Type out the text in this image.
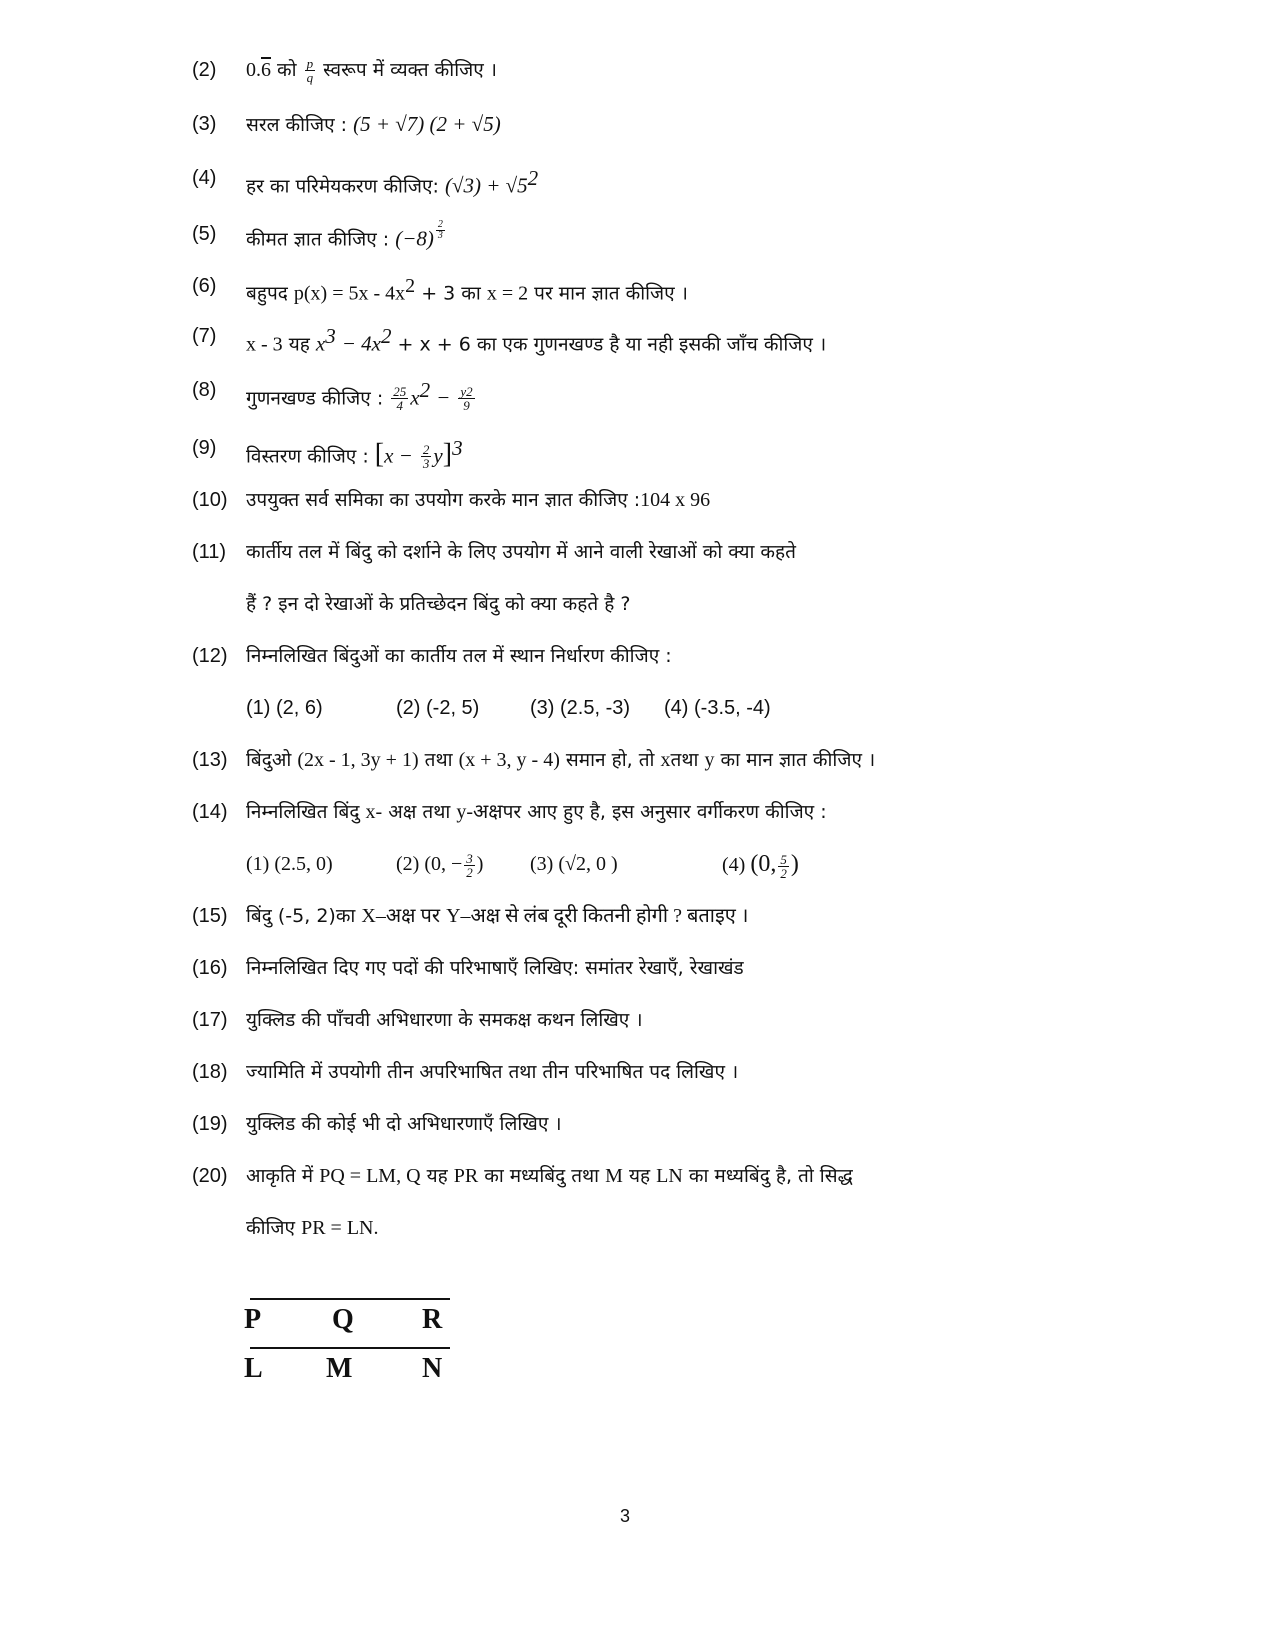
(2)	0.6 को $\frac{p}{q}$ स्वरूप में व्यक्त कीजिए ।
(3)	सरल कीजिए : (5 + √7) (2 + √5)
(4)	हर का परिमेयकरण कीजिए: $(√3) + √5^2$
(5)	कीमत ज्ञात कीजिए : $(-8) \frac{2}{3}$
(6)	बहुपद $p(x) = 5x - 4x^2 + 3$ का x = 2 पर मान ज्ञात कीजिए ।
(7)	x - 3 यह $x^3 - 4x^2 + x + 6$ का एक गुणनखण्ड है या नही इसकी जाँच कीजिए ।
(8)	गुणनखण्ड कीजिए : $\frac{25}{4} x^2 - \frac{y2}{9}$
(9)	विस्तरण कीजिए : $[x - \frac{2}{3} y]^3$
(10) उपयुक्त सर्व समिका का उपयोग करके मान ज्ञात कीजिए :104 x 96
(11)	कार्तीय तल में बिंदु को दर्शाने के लिए उपयोग में आने वाली रेखाओं को क्या कहते
हैं ? इन दो रेखाओं के प्रतिच्छेदन बिंदु को क्या कहते है ?
(12) निम्नलिखित बिंदुओं का कार्तीय तल में स्थान निर्धारण कीजिए :
(1) (2, 6)	(2) (-2, 5)	(3) (2.5, -3) (4) (-3.5, -4)
(13) बिंदुओ (2x - 1, 3y + 1) तथा (x + 3, y - 4) समान हो, तो xतथा y का मान ज्ञात कीजिए ।
(14) निम्नलिखित बिंदु x- अक्ष तथा y-अक्षपर आए हुए है, इस अनुसार वर्गीकरण कीजिए :
(1) (2.5, 0)	(2) (0, − $\frac{3}{2}$ ) (3) (√2, 0 )	(4) (0, $\frac{5}{2}$ )
(15) बिंदु (-5, 2)का X–अक्ष पर Y–अक्ष से लंब दूरी कितनी होगी ? बताइए ।
(16) निम्नलिखित दिए गए पदों की परिभाषाएँ लिखिए: समांतर रेखाएँ, रेखाखंड
(17) युक्लिड की पाँचवी अभिधारणा के समकक्ष कथन लिखिए ।
(18) ज्यामिति में उपयोगी तीन अपरिभाषित तथा तीन परिभाषित पद लिखिए ।
(19) युक्लिड की कोई भी दो अभिधारणाएँ लिखिए ।
(20) आकृति में PQ = LM, Q यह PR का मध्यबिंदु तथा M यह LN का मध्यबिंदु है, तो सिद्ध
कीजिए PR = LN.
P	Q R
L M N
3
